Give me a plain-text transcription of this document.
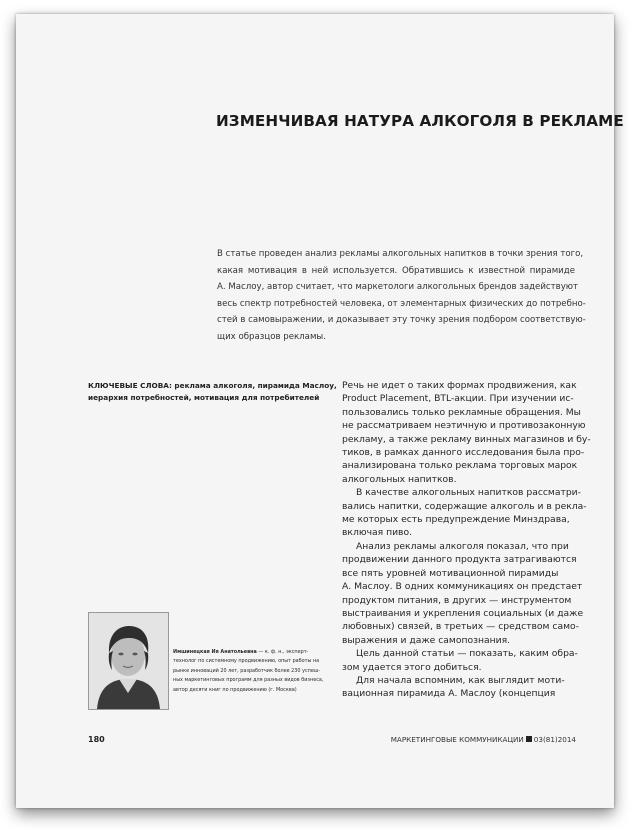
ИЗМЕНЧИВАЯ НАТУРА АЛКОГОЛЯ В РЕКЛАМЕ
В статье проведен анализ рекламы алкогольных напитков в точки зрения того,
какая мотивация в ней используется. Обратившись к известной пирамиде
А. Маслоу, автор считает, что маркетологи алкогольных брендов задействуют
весь спектр потребностей человека, от элементарных физических до потребно-
стей в самовыражении, и доказывает эту точку зрения подбором соответствую-
щих образцов рекламы.
КЛЮЧЕВЫЕ СЛОВА: реклама алкоголя, пирамида Маслоу,
иерархия потребностей, мотивация для потребителей
Речь не идет о таких формах продвижения, как
Product Placement, BTL-акции. При изучении ис-
пользовались только рекламные обращения. Мы
не рассматриваем неэтичную и противозаконную
рекламу, а также рекламу винных магазинов и бу-
тиков, в рамках данного исследования была про-
анализирована только реклама торговых марок
алкогольных напитков.
В качестве алкогольных напитков рассматри-
вались напитки, содержащие алкоголь и в рекла-
ме которых есть предупреждение Минздрава,
включая пиво.
Анализ рекламы алкоголя показал, что при
продвижении данного продукта затрагиваются
все пять уровней мотивационной пирамиды
А. Маслоу. В одних коммуникациях он предстает
продуктом питания, в других — инструментом
выстраивания и укрепления социальных (и даже
любовных) связей, в третьих — средством само-
выражения и даже самопознания.
Цель данной статьи — показать, каким обра-
зом удается этого добиться.
Для начала вспомним, как выглядит моти-
вационная пирамида А. Маслоу (концепция
Имшинецкая Ия Анатольевна — к. ф. н., эксперт-
технолог по системному продвижению, опыт работы на
рынке инноваций 20 лет, разработчик более 230 успеш-
ных маркетинговых программ для разных видов бизнеса,
автор десяти книг по продвижению (г. Москва)
180	МАРКЕТИНГОВЫЕ КОММУНИКАЦИИ 03(81)2014
